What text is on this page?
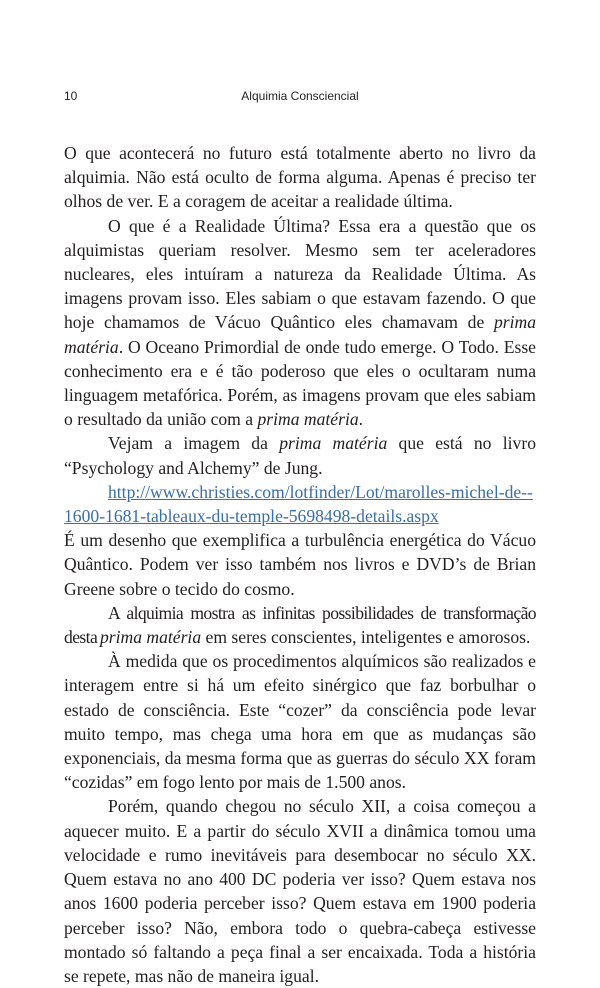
10	Alquimia Consciencial

O que acontecerá no futuro está totalmente aberto no livro da alquimia. Não está oculto de forma alguma. Apenas é preciso ter olhos de ver. E a coragem de aceitar a realidade última.

O que é a Realidade Última? Essa era a questão que os alquimistas queriam resolver. Mesmo sem ter aceleradores nucleares, eles intuíram a natureza da Realidade Última. As imagens provam isso. Eles sabiam o que estavam fazendo. O que hoje chamamos de Vácuo Quântico eles chamavam de prima matéria. O Oceano Primordial de onde tudo emerge. O Todo. Esse conhecimento era e é tão poderoso que eles o ocultaram numa linguagem metafórica. Porém, as imagens provam que eles sabiam o resultado da união com a prima matéria.

Vejam a imagem da prima matéria que está no livro “Psychology and Alchemy” de Jung.

http://www.christies.com/lotfinder/Lot/marolles-michel-de--1600-1681-tableaux-du-temple-5698498-details.aspx

É um desenho que exemplifica a turbulência energética do Vácuo Quântico. Podem ver isso também nos livros e DVD’s de Brian Greene sobre o tecido do cosmo.

A alquimia mostra as infinitas possibilidades de transformação desta prima matéria em seres conscientes, inteligentes e amorosos.

À medida que os procedimentos alquímicos são realizados e interagem entre si há um efeito sinérgico que faz borbulhar o estado de consciência. Este “cozer” da consciência pode levar muito tempo, mas chega uma hora em que as mudanças são exponenciais, da mesma forma que as guerras do século XX foram “cozidas” em fogo lento por mais de 1.500 anos.

Porém, quando chegou no século XII, a coisa começou a aquecer muito. E a partir do século XVII a dinâmica tomou uma velocidade e rumo inevitáveis para desembocar no século XX. Quem estava no ano 400 DC poderia ver isso? Quem estava nos anos 1600 poderia perceber isso? Quem estava em 1900 poderia perceber isso? Não, embora todo o quebra-cabeça estivesse montado só faltando a peça final a ser encaixada. Toda a história se repete, mas não de maneira igual.
